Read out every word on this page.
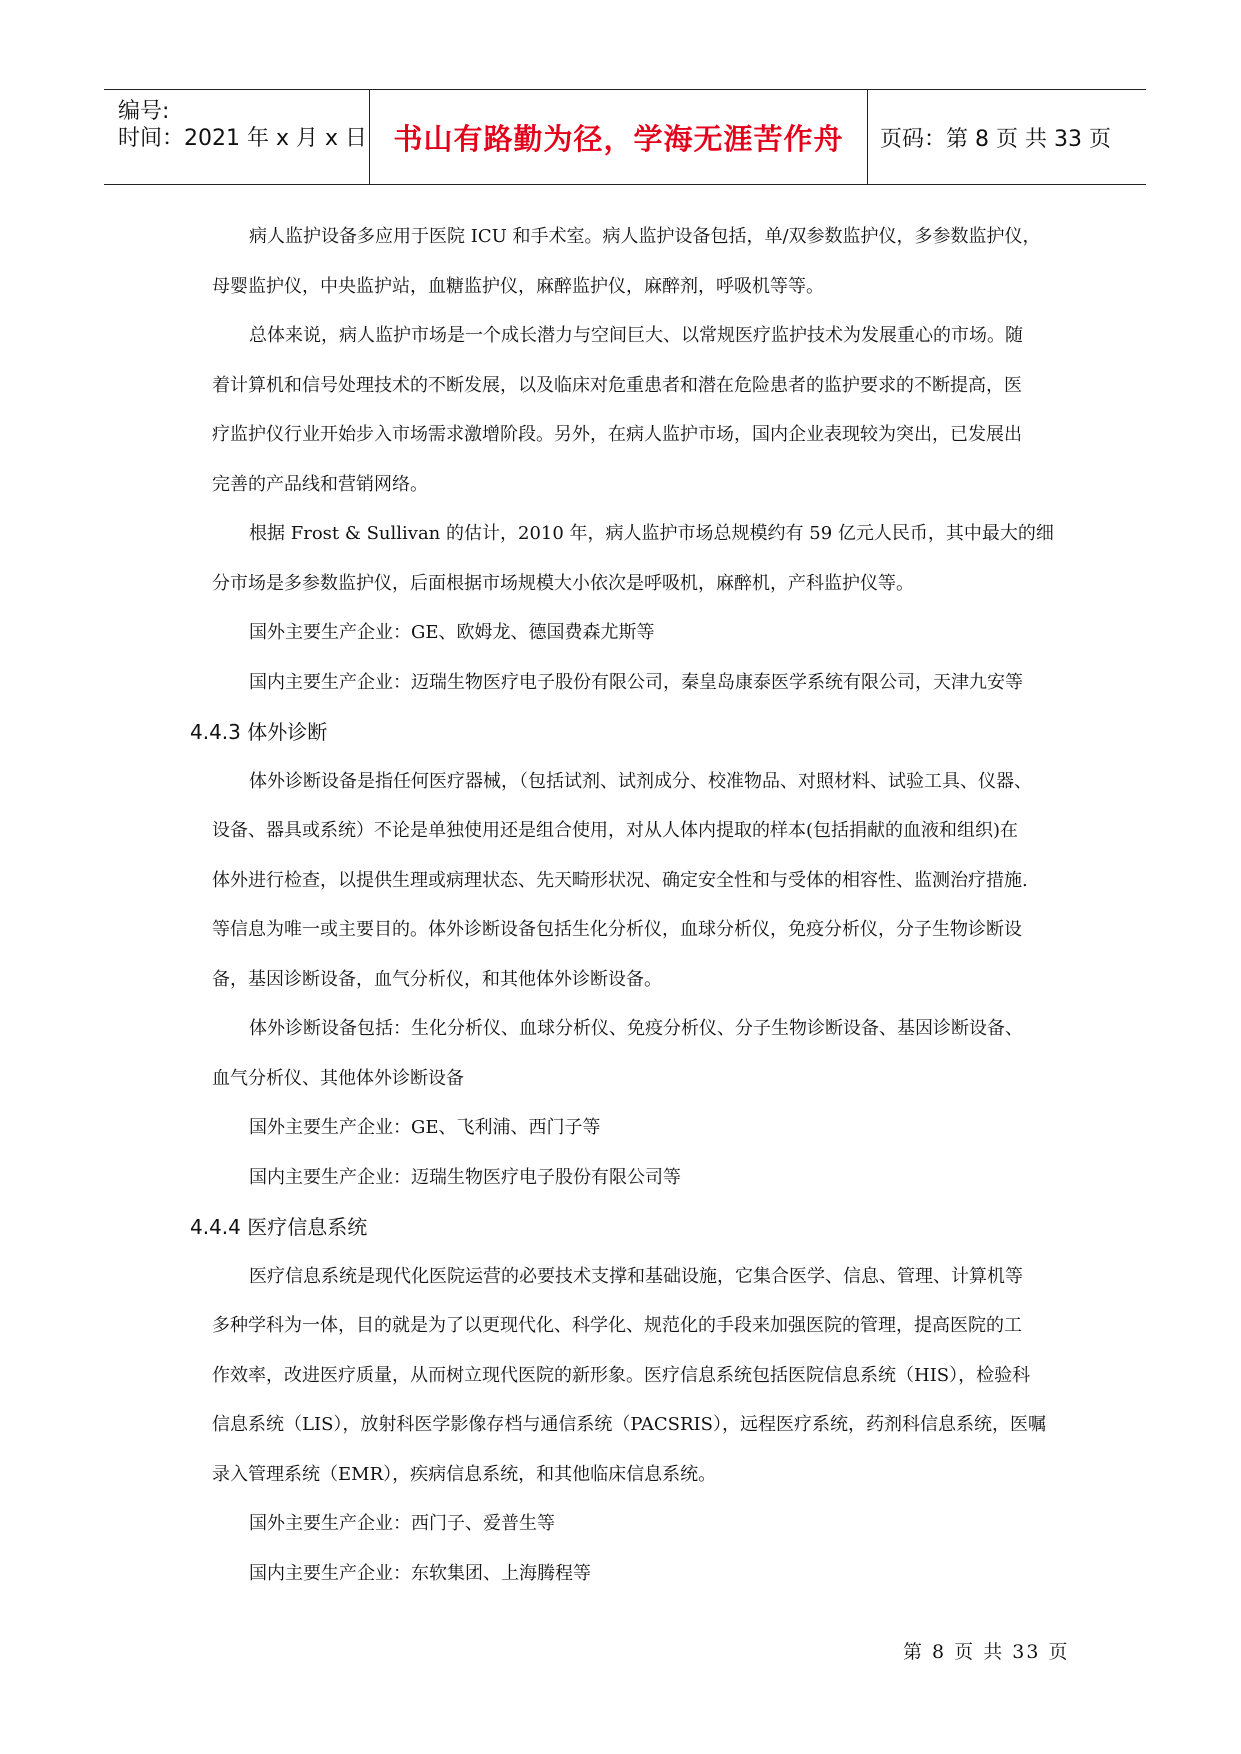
编号:
时间：2021 年 x 月 x 日 书山有路勤为径，学海无涯苦作舟 页码：第 8 页 共 33 页
病人监护设备多应用于医院 ICU 和手术室。病人监护设备包括，单/双参数监护仪，多参数监护仪，
母婴监护仪，中央监护站，血糖监护仪，麻醉监护仪，麻醉剂，呼吸机等等。
总体来说，病人监护市场是一个成长潜力与空间巨大、以常规医疗监护技术为发展重心的市场。随
着计算机和信号处理技术的不断发展，以及临床对危重患者和潜在危险患者的监护要求的不断提高，医
疗监护仪行业开始步入市场需求激增阶段。另外，在病人监护市场，国内企业表现较为突出，已发展出
完善的产品线和营销网络。
根据 Frost & Sullivan 的估计，2010 年，病人监护市场总规模约有 59 亿元人民币，其中最大的细
分市场是多参数监护仪，后面根据市场规模大小依次是呼吸机，麻醉机，产科监护仪等。
国外主要生产企业：GE、欧姆龙、德国费森尤斯等
国内主要生产企业：迈瑞生物医疗电子股份有限公司，秦皇岛康泰医学系统有限公司，天津九安等
4.4.3 体外诊断
体外诊断设备是指任何医疗器械，（包括试剂、试剂成分、校准物品、对照材料、试验工具、仪器、
设备、器具或系统）不论是单独使用还是组合使用，对从人体内提取的样本(包括捐献的血液和组织)在
体外进行检查，以提供生理或病理状态、先天畸形状况、确定安全性和与受体的相容性、监测治疗措施.
等信息为唯一或主要目的。体外诊断设备包括生化分析仪，血球分析仪，免疫分析仪，分子生物诊断设
备，基因诊断设备，血气分析仪，和其他体外诊断设备。
体外诊断设备包括：生化分析仪、血球分析仪、免疫分析仪、分子生物诊断设备、基因诊断设备、
血气分析仪、其他体外诊断设备
国外主要生产企业：GE、飞利浦、西门子等
国内主要生产企业：迈瑞生物医疗电子股份有限公司等
4.4.4 医疗信息系统
医疗信息系统是现代化医院运营的必要技术支撑和基础设施，它集合医学、信息、管理、计算机等
多种学科为一体，目的就是为了以更现代化、科学化、规范化的手段来加强医院的管理，提高医院的工
作效率，改进医疗质量，从而树立现代医院的新形象。医疗信息系统包括医院信息系统（HIS），检验科
信息系统（LIS），放射科医学影像存档与通信系统（PACSRIS），远程医疗系统，药剂科信息系统，医嘱
录入管理系统（EMR），疾病信息系统，和其他临床信息系统。
国外主要生产企业：西门子、爱普生等
国内主要生产企业：东软集团、上海腾程等
第 8 页 共 33 页
